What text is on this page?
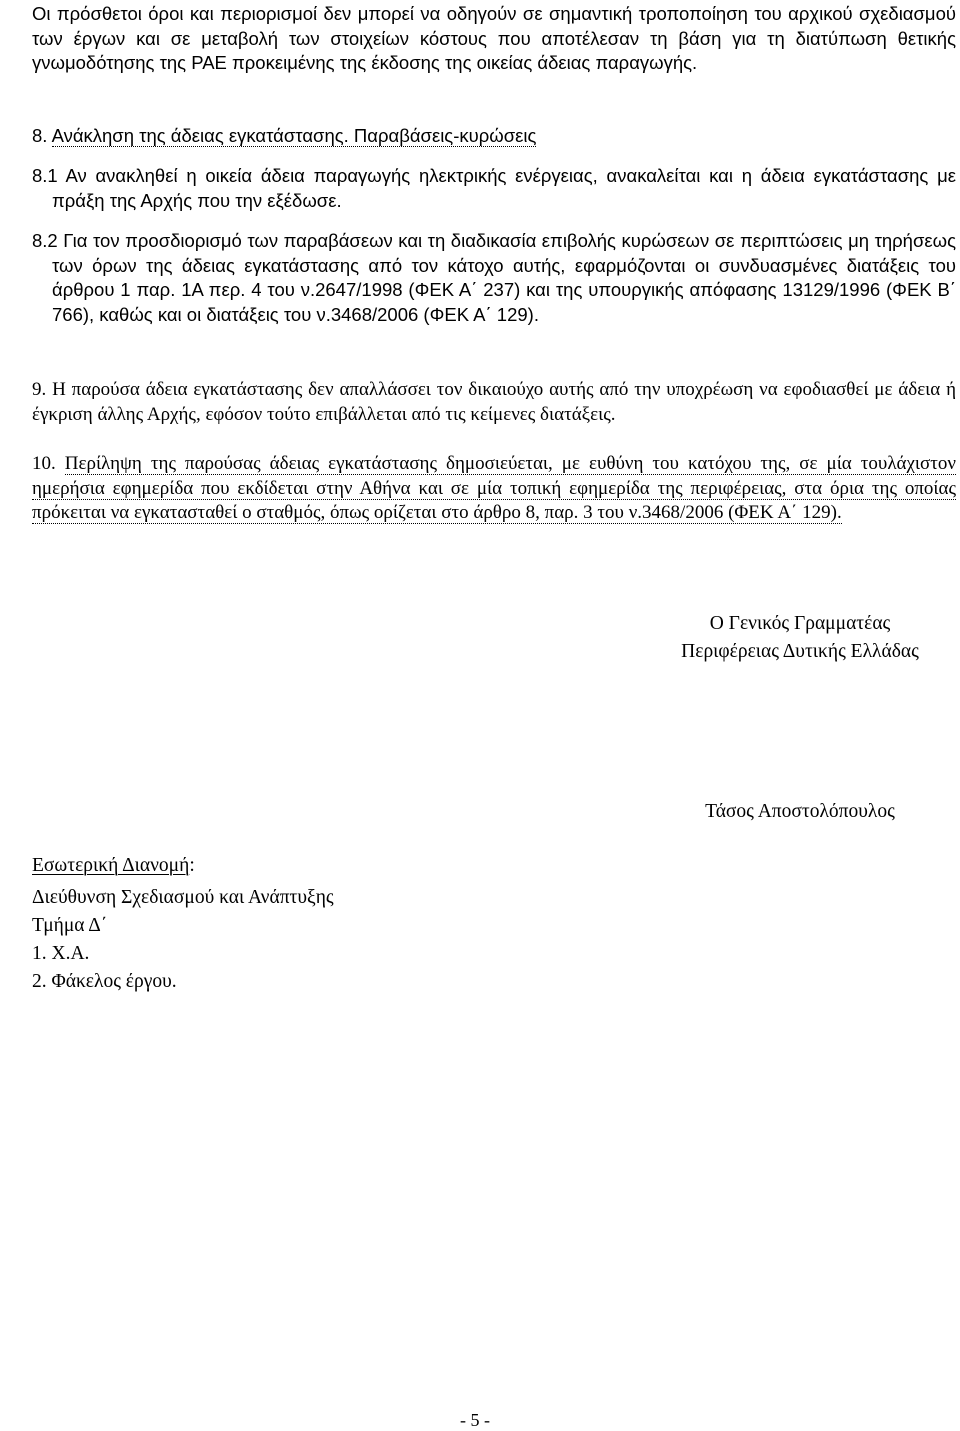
Οι πρόσθετοι όροι και περιορισμοί δεν μπορεί να οδηγούν σε σημαντική τροποποίηση του αρχικού σχεδιασμού των έργων και σε μεταβολή των στοιχείων κόστους που αποτέλεσαν τη βάση για τη διατύπωση θετικής γνωμοδότησης της ΡΑΕ προκειμένης της έκδοσης της οικείας άδειας παραγωγής.

8. Ανάκληση της άδειας εγκατάστασης. Παραβάσεις-κυρώσεις

8.1 Αν ανακληθεί η οικεία άδεια παραγωγής ηλεκτρικής ενέργειας, ανακαλείται και η άδεια εγκατάστασης με πράξη της Αρχής που την εξέδωσε.

8.2 Για τον προσδιορισμό των παραβάσεων και τη διαδικασία επιβολής κυρώσεων σε περιπτώσεις μη τηρήσεως των όρων της άδειας εγκατάστασης από τον κάτοχο αυτής, εφαρμόζονται οι συνδυασμένες διατάξεις του άρθρου 1 παρ. 1Α περ. 4 του ν.2647/1998 (ΦΕΚ Α΄ 237) και της υπουργικής απόφασης 13129/1996 (ΦΕΚ Β΄ 766), καθώς και οι διατάξεις του ν.3468/2006 (ΦΕΚ Α΄ 129).

9. Η παρούσα άδεια εγκατάστασης δεν απαλλάσσει τον δικαιούχο αυτής από την υποχρέωση να εφοδιασθεί με άδεια ή έγκριση άλλης Αρχής, εφόσον τούτο επιβάλλεται από τις κείμενες διατάξεις.

10. Περίληψη της παρούσας άδειας εγκατάστασης δημοσιεύεται, με ευθύνη του κατόχου της, σε μία τουλάχιστον ημερήσια εφημερίδα που εκδίδεται στην Αθήνα και σε μία τοπική εφημερίδα της περιφέρειας, στα όρια της οποίας πρόκειται να εγκατασταθεί ο σταθμός, όπως ορίζεται στο άρθρο 8, παρ. 3 του ν.3468/2006 (ΦΕΚ Α΄ 129).

Ο Γενικός Γραμματέας
Περιφέρειας Δυτικής Ελλάδας
Τάσος Αποστολόπουλος
Εσωτερική Διανομή:
Διεύθυνση Σχεδιασμού και Ανάπτυξης
Τμήμα Δ΄
1. Χ.Α.
2. Φάκελος έργου.
- 5 -
